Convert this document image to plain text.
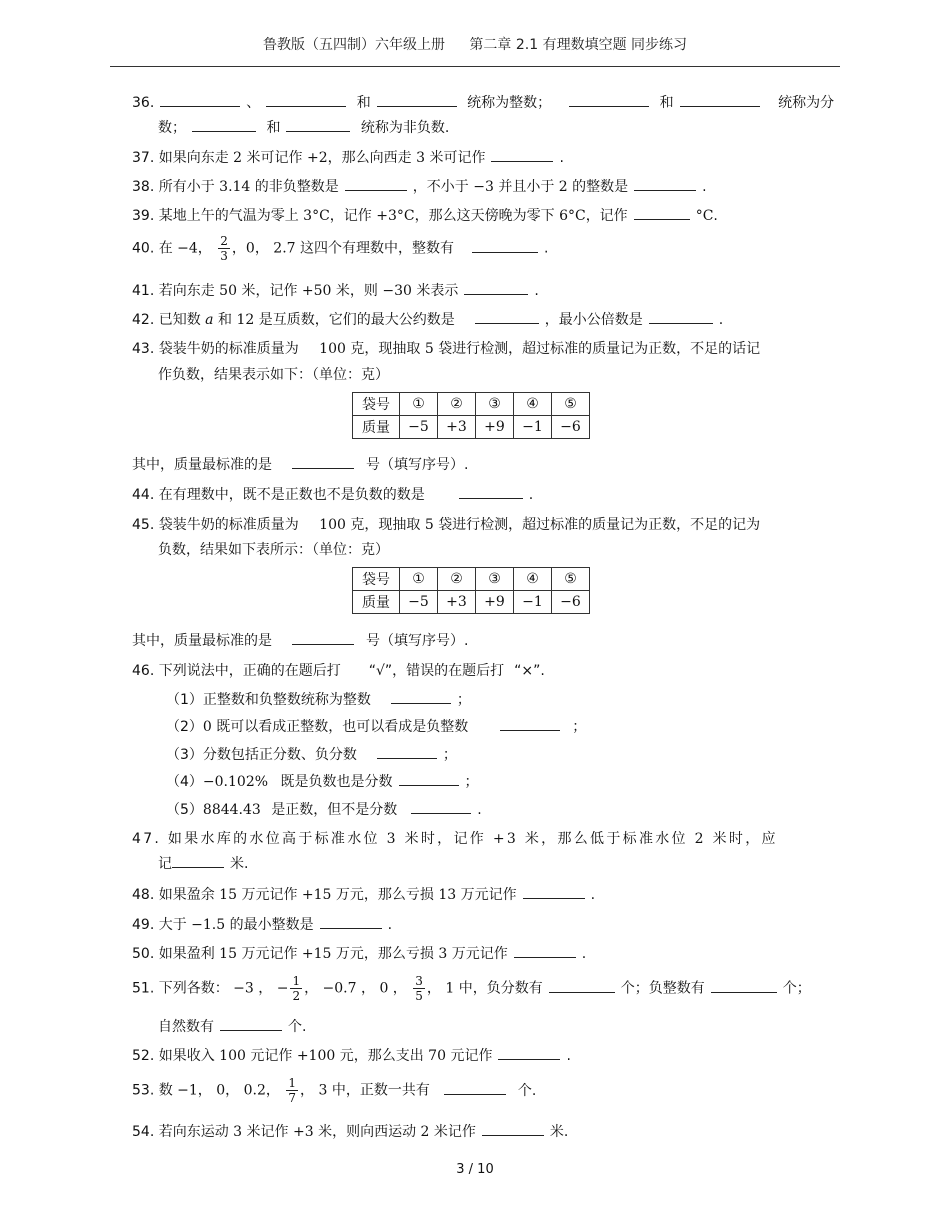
鲁教版（五四制）六年级上册 第二章 2.1 有理数填空题 同步练习
36.	、	和	统称为整数；	和	统称为分
数；	和	统称为非负数.
37. 如果向东走 2 米可记作 +2，那么向西走 3 米可记作	.
38. 所有小于 3.14 的非负整数是	，不小于 −3 并且小于 2 的整数是	.
39. 某地上午的气温为零上 3°C，记作 +3°C，那么这天傍晚为零下 6°C，记作	°C.
40. 在 −4， $\frac{2}{3}$ ，0， 2.7 这四个有理数中，整数有	.
41. 若向东走 50 米，记作 +50 米，则 −30 米表示	.
42. 已知数 a 和 12 是互质数，它们的最大公约数是	，最小公倍数是	.
43. 袋装牛奶的标准质量为 100 克，现抽取 5 袋进行检测，超过标准的质量记为正数，不足的话记
作负数，结果表示如下：（单位：克）
袋号	①	②	③	④	⑤
质量	−5	+3	+9	−1	−6
其中，质量最标准的是	号（填写序号）.
44. 在有理数中，既不是正数也不是负数的数是	.
45. 袋装牛奶的标准质量为 100 克，现抽取 5 袋进行检测，超过标准的质量记为正数，不足的记为
负数，结果如下表所示：（单位：克）
袋号	①	②	③	④	⑤
质量	−5	+3	+9	−1	−6
其中，质量最标准的是	号（填写序号）.
46. 下列说法中，正确的在题后打 “√”，错误的在题后打 “×”.
（1）正整数和负整数统称为整数	；
（2）0 既可以看成正整数，也可以看成是负整数	；
（3）分数包括正分数、负分数	；
（4）−0.102% 既是负数也是分数	；
（5）8844.43 是正数，但不是分数	.
47. 如果水库的水位高于标准水位 3 米时，记作 +3 米，那么低于标准水位 2 米时，应
记	米.
48. 如果盈余 15 万元记作 +15 万元，那么亏损 13 万元记作	.
49. 大于 −1.5 的最小整数是	.
50. 如果盈利 15 万元记作 +15 万元，那么亏损 3 万元记作	.
51. 下列各数： −3 ， − $\frac{1}{2}$ ， −0.7 ， 0 ， $\frac{3}{5}$ ， 1 中，负分数有	个；负整数有	个；
自然数有	个.
52. 如果收入 100 元记作 +100 元，那么支出 70 元记作	.
53. 数 −1， 0， 0.2， $\frac{1}{7}$ ， 3 中，正数一共有	个.
54. 若向东运动 3 米记作 +3 米，则向西运动 2 米记作	米.
3 / 10
